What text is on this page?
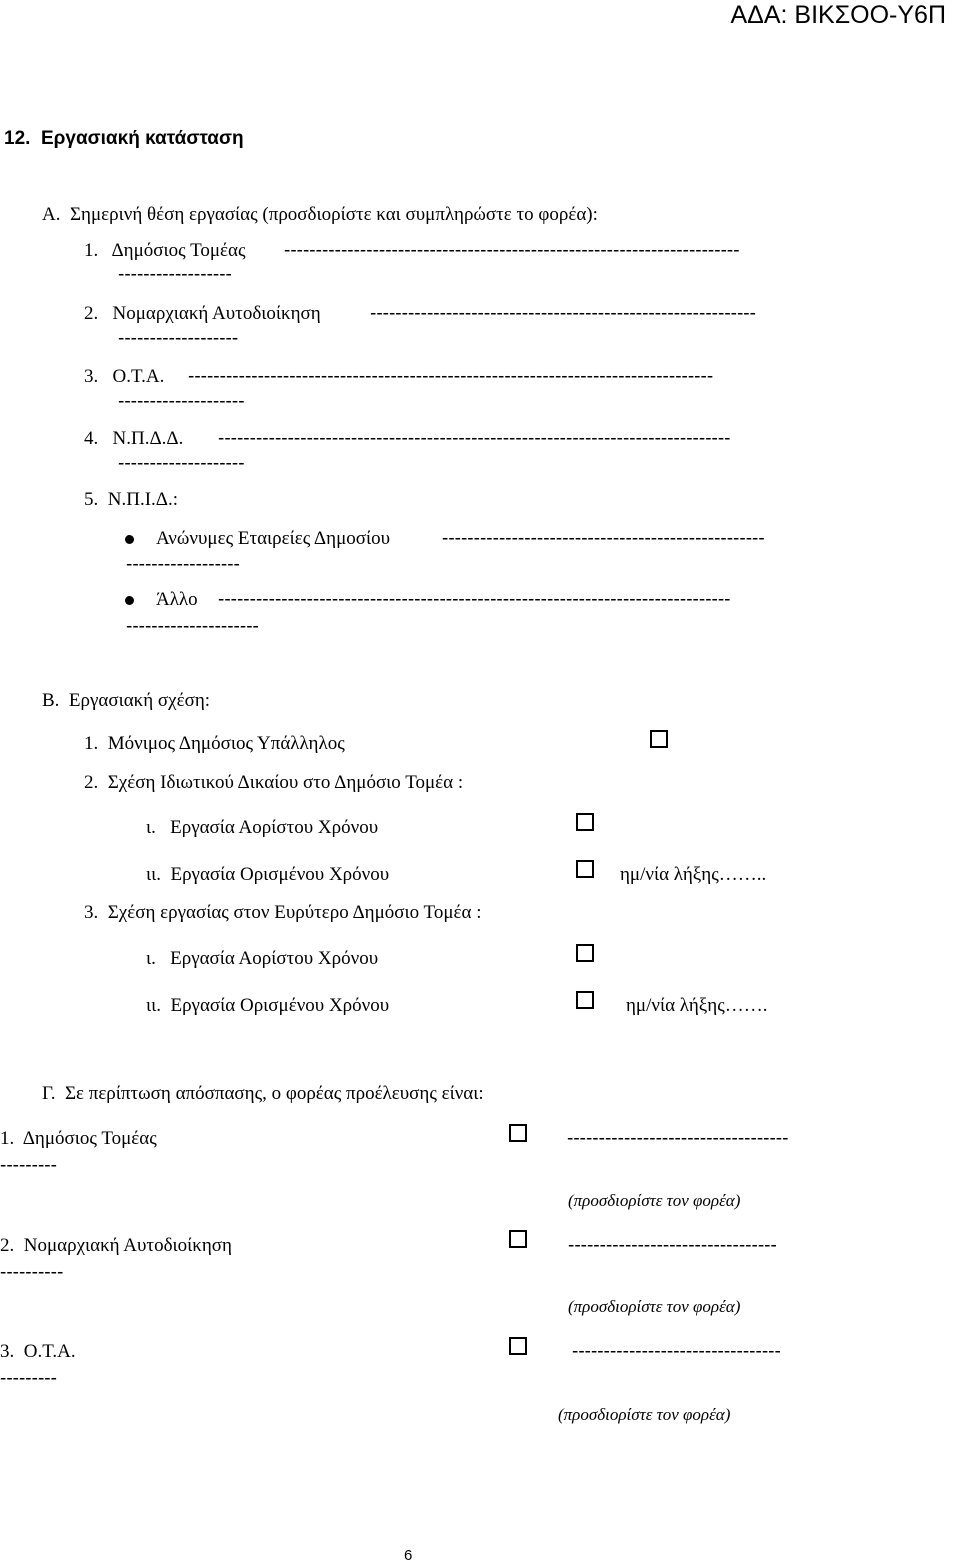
ΑΔΑ: ΒΙΚΣΟΟ-Υ6Π
12.  Εργασιακή κατάσταση
Α.  Σημερινή θέση εργασίας (προσδιορίστε και συμπληρώστε το φορέα):
1.   Δημόσιος Τομέας ------------------------------------------------------------------------
------------------
2.   Νομαρχιακή Αυτοδιοίκηση	-------------------------------------------------------------
-------------------
3.   Ο.Τ.Α. -----------------------------------------------------------------------------------
--------------------
4.   Ν.Π.Δ.Δ. ---------------------------------------------------------------------------------
--------------------
5.  Ν.Π.Ι.Δ.:
Ανώνυμες Εταιρείες Δημοσίου	---------------------------------------------------
------------------
Άλλο ---------------------------------------------------------------------------------
---------------------
Β.  Εργασιακή σχέση:
1.  Μόνιμος Δημόσιος Υπάλληλος
2.  Σχέση Ιδιωτικού Δικαίου στο Δημόσιο Τομέα :
ι.   Εργασία Αορίστου Χρόνου
ιι.  Εργασία Ορισμένου Χρόνου	ημ/νία λήξης……..
3.  Σχέση εργασίας στον Ευρύτερο Δημόσιο Τομέα :
ι.   Εργασία Αορίστου Χρόνου
ιι.  Εργασία Ορισμένου Χρόνου	ημ/νία λήξης…….
Γ.  Σε περίπτωση απόσπασης, ο φορέας προέλευσης είναι:
1.  Δημόσιος Τομέας	-----------------------------------
---------
(προσδιορίστε τον φορέα)
2.  Νομαρχιακή Αυτοδιοίκηση	---------------------------------
----------
(προσδιορίστε τον φορέα)
3.  Ο.Τ.Α.	---------------------------------
---------
(προσδιορίστε τον φορέα)
6
